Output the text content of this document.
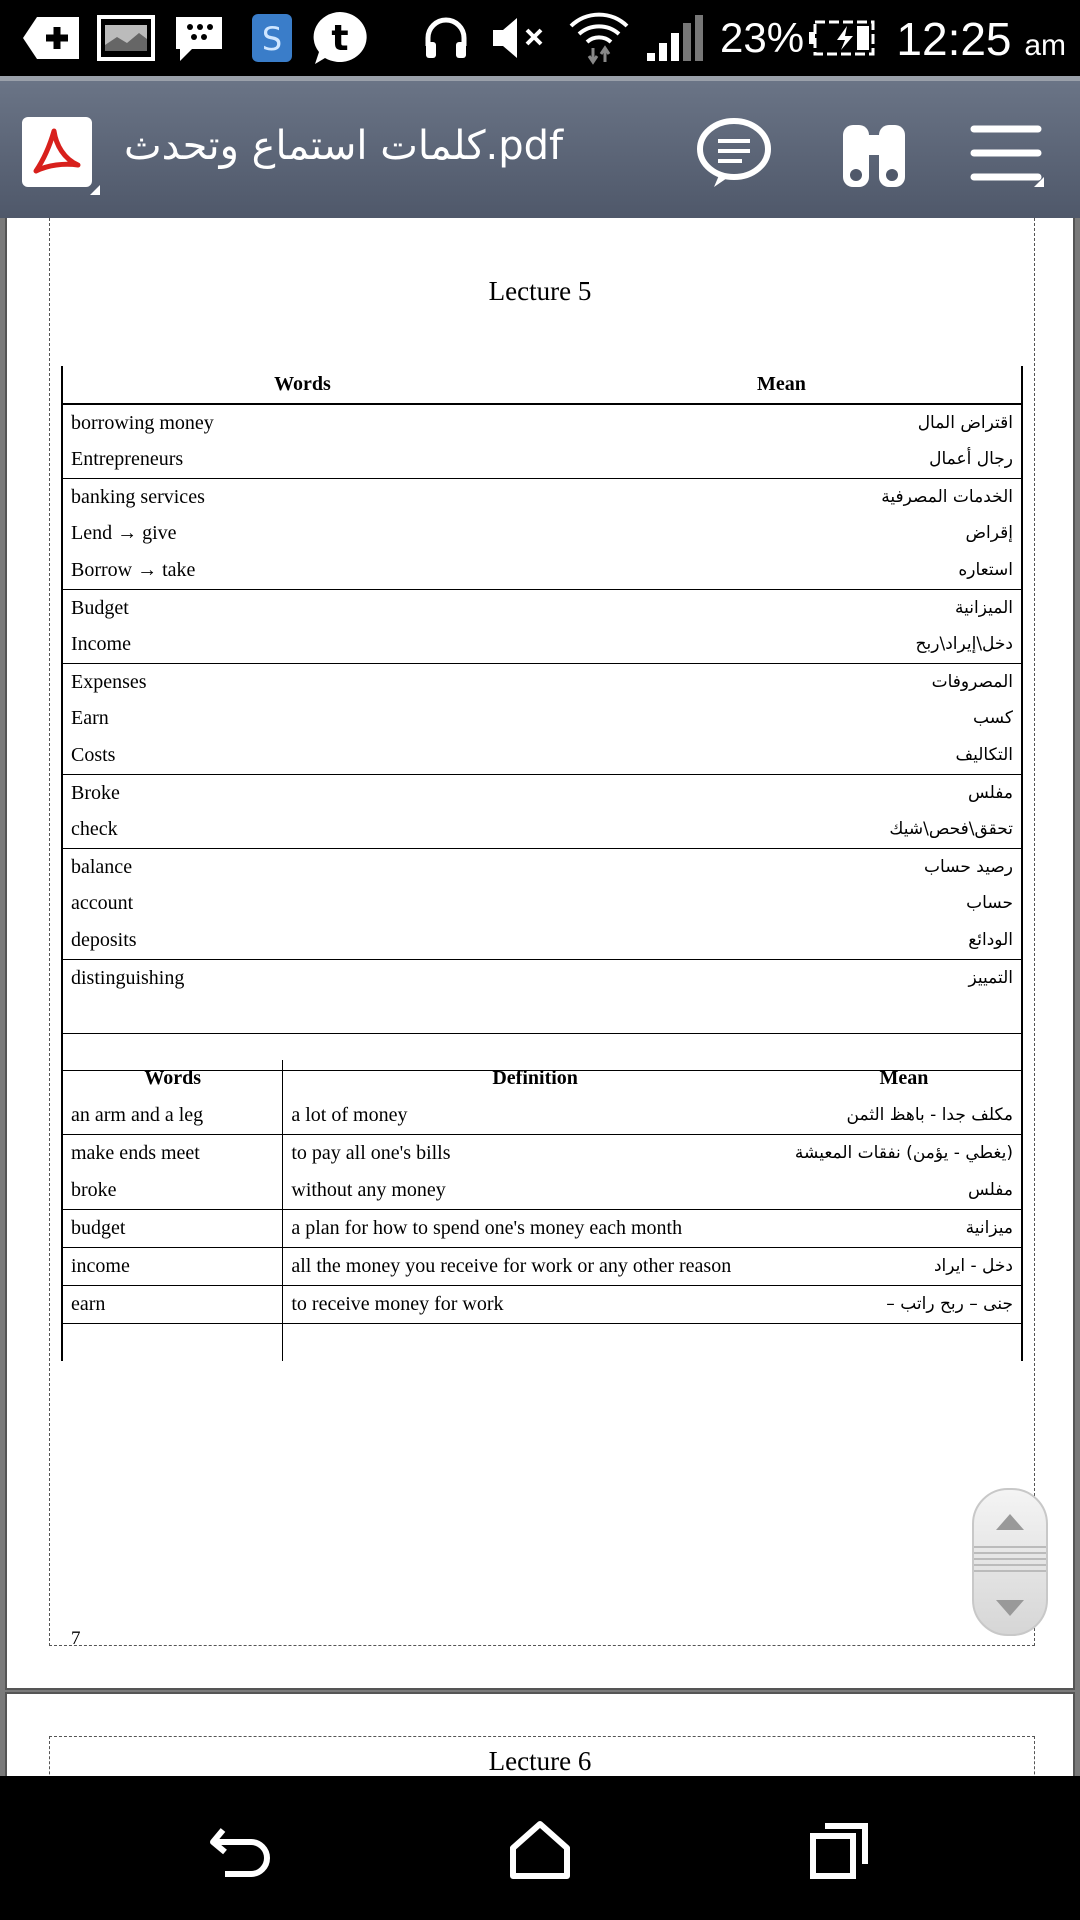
S t	23% 12:25 am
كلمات استماع وتحدث.pdf
Lecture 5
Words	Mean
borrowing money	اقتراض المال
Entrepreneurs	رجال أعمال
banking services	الخدمات المصرفية
Lend → give	إقراض
Borrow → take	استعاره
Budget	الميزانية
Income	دخل\إيراد\ربح
Expenses	المصروفات
Earn	كسب
Costs	التكاليف
Broke	مفلس
check	تحقق\فحص\شيك
balance	رصيد حساب
account	حساب
deposits	الودائع
distinguishing	التمييز

Words	Definition	Mean
an arm and a leg	a lot of money	مكلف جدا - باهظ الثمن
make ends meet	to pay all one's bills	(يغطي - يؤمن) نفقات المعيشة
broke	without any money	مفلس
budget	a plan for how to spend one's money each month	ميزانية
income	all the money you receive for work or any other reason	دخل - ايراد
earn	to receive money for work	جنى – ربح راتب –

7
Lecture 6
